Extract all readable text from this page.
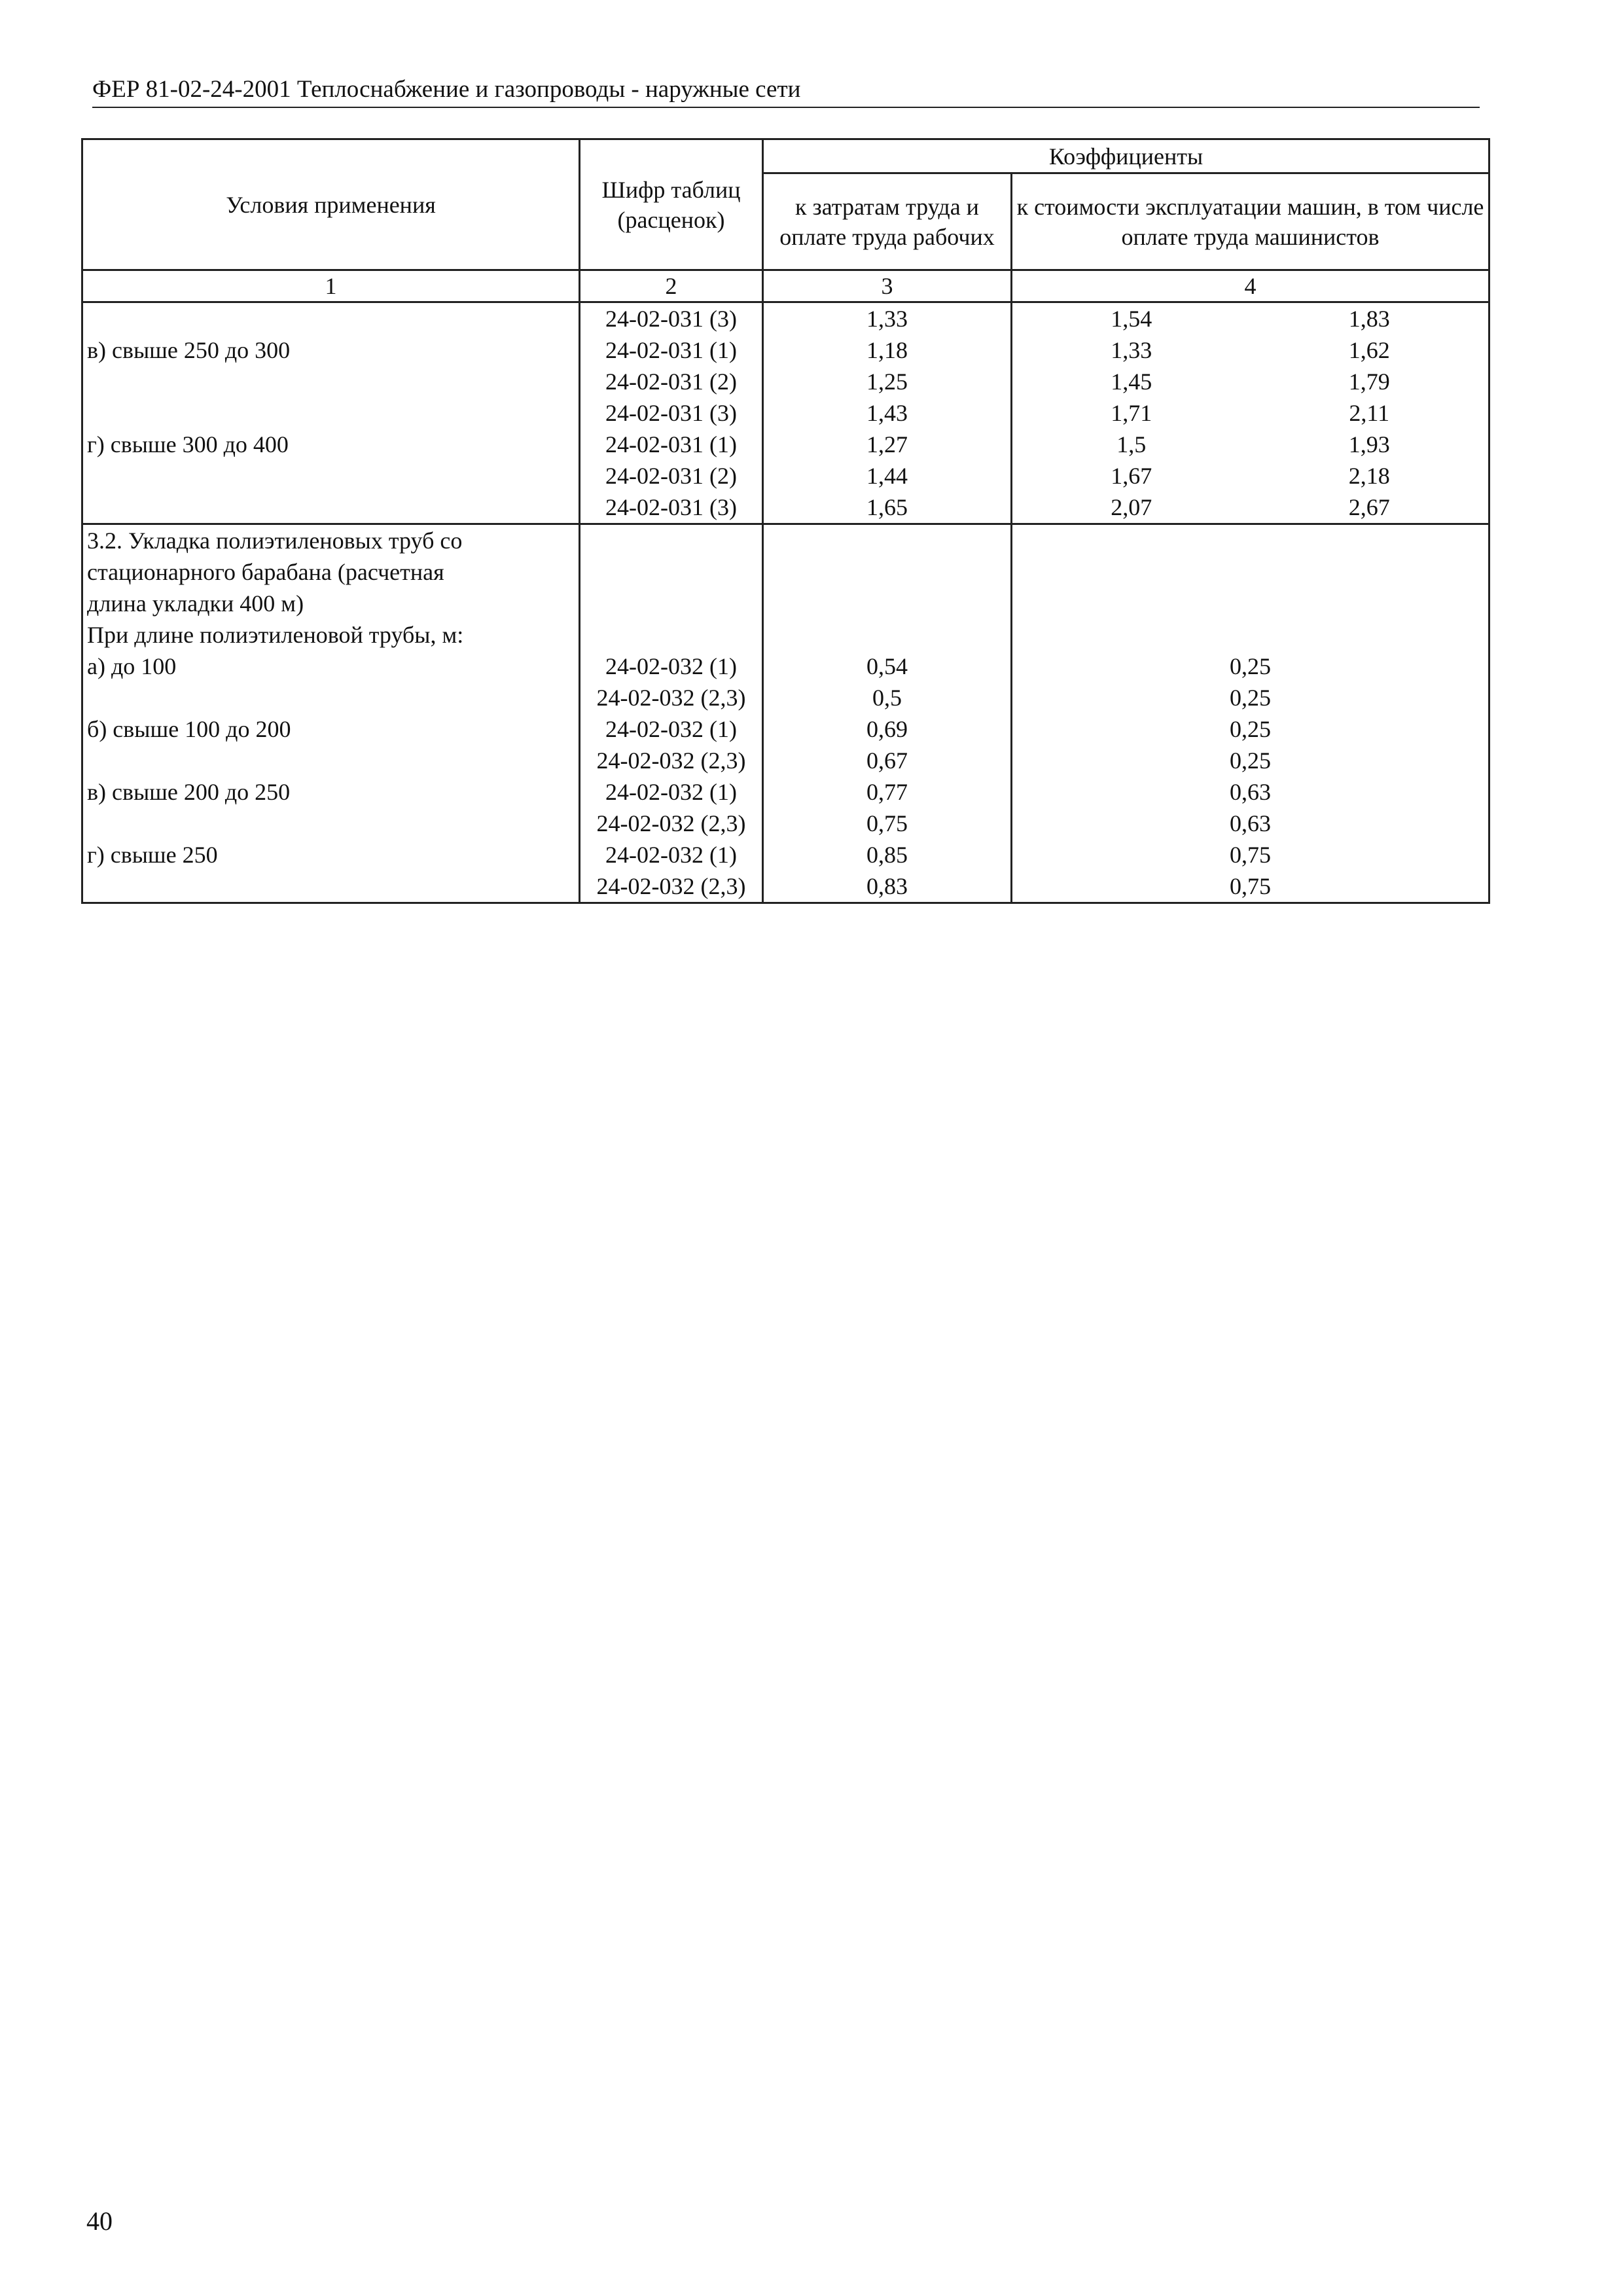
ФЕР 81-02-24-2001 Теплоснабжение и газопроводы - наружные сети
Условия применения	Шифр таблиц (расценок)	Коэффициенты		
		к затратам труда и оплате труда рабочих	к стоимости эксплуатации машин, в том числе оплате труда машинистов	
1	2	3	4	
	24-02-031 (3)	1,33	1,54	1,83
в) свыше 250 до 300	24-02-031 (1)	1,18	1,33	1,62
	24-02-031 (2)	1,25	1,45	1,79
	24-02-031 (3)	1,43	1,71	2,11
г) свыше 300 до 400	24-02-031 (1)	1,27	1,5	1,93
	24-02-031 (2)	1,44	1,67	2,18
	24-02-031 (3)	1,65	2,07	2,67
3.2. Укладка полиэтиленовых труб со				
стационарного барабана (расчетная				
длина укладки 400 м)				
При длине полиэтиленовой трубы, м:				
а) до 100	24-02-032 (1)	0,54	0,25	
	24-02-032 (2,3)	0,5	0,25	
б) свыше 100 до 200	24-02-032 (1)	0,69	0,25	
	24-02-032 (2,3)	0,67	0,25	
в) свыше 200 до 250	24-02-032 (1)	0,77	0,63	
	24-02-032 (2,3)	0,75	0,63	
г) свыше 250	24-02-032 (1)	0,85	0,75	
	24-02-032 (2,3)	0,83	0,75	
40
